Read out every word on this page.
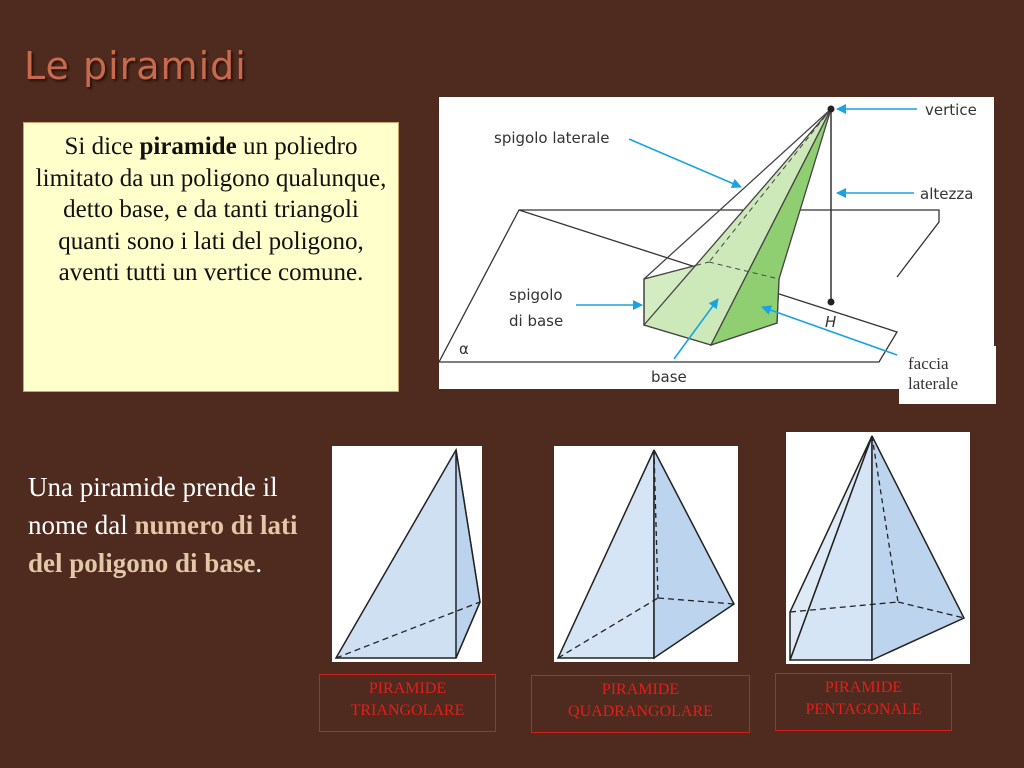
Le piramidi
Si dice piramide un poliedro limitato da un poligono qualunque, detto base, e da tanti triangoli quanti sono i lati del poligono, aventi tutti un vertice comune.
vertice
spigolo laterale
altezza
spigolo
di base	H
α
base
faccia
laterale
Una piramide prende il nome dal numero di lati del poligono di base.
PIRAMIDE
TRIANGOLARE
PIRAMIDE
QUADRANGOLARE
PIRAMIDE
PENTAGONALE
